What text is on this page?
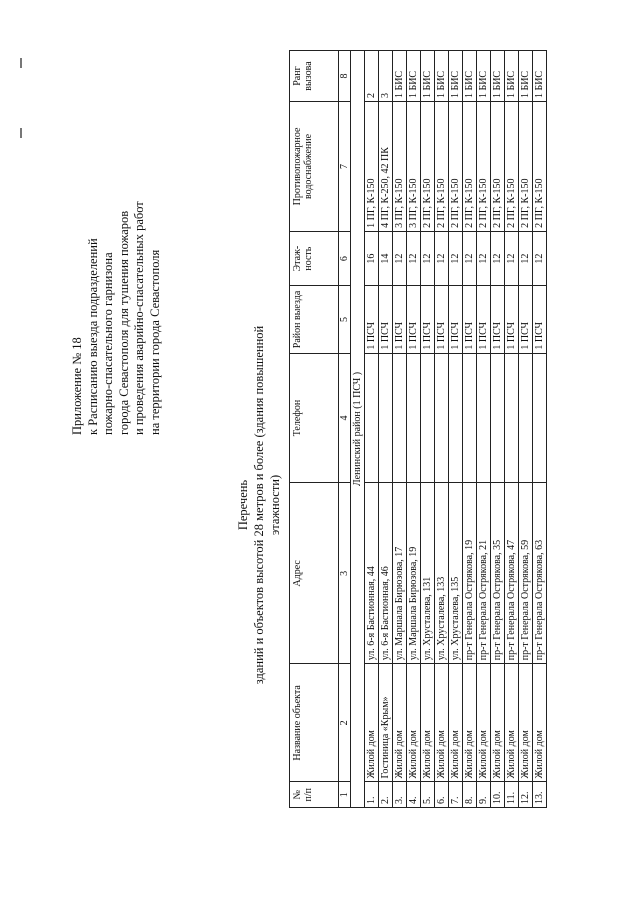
Приложение № 18 к Расписанию выезда подразделений пожарно-спасательного гарнизона города Севастополя для тушения пожаров и проведения аварийно-спасательных работ на территории города Севастополя
Перечень зданий и объектов высотой 28 метров и более (здания повышенной этажности)
№ п/п	Название объекта	Адрес	Телефон	Район выезда	Этаж-ность	Противопожарное водоснабжение	Ранг вызова
1	2	3	4	5	6	7	8
Ленинский район (1 ПСЧ )							
1.	Жилой дом	ул. 6-я Бастионная, 44		1 ПСЧ	16	1 ПГ, К-150	2
2.	Гостиница «Крым»	ул. 6-я Бастионная, 46		1 ПСЧ	14	4 ПГ, К-250, 42 ПК	3
3.	Жилой дом	ул. Маршала Бирюзова, 17		1 ПСЧ	12	3 ПГ, К-150	1 БИС
4.	Жилой дом	ул. Маршала Бирюзова, 19		1 ПСЧ	12	3 ПГ, К-150	1 БИС
5.	Жилой дом	ул. Хрусталева, 131		1 ПСЧ	12	2 ПГ, К-150	1 БИС
6.	Жилой дом	ул. Хрусталева, 133		1 ПСЧ	12	2 ПГ, К-150	1 БИС
7.	Жилой дом	ул. Хрусталева, 135		1 ПСЧ	12	2 ПГ, К-150	1 БИС
8.	Жилой дом	пр-т Генерала Острякова, 19		1 ПСЧ	12	2 ПГ, К-150	1 БИС
9.	Жилой дом	пр-т Генерала Острякова, 21		1 ПСЧ	12	2 ПГ, К-150	1 БИС
10.	Жилой дом	пр-т Генерала Острякова, 35		1 ПСЧ	12	2 ПГ, К-150	1 БИС
11.	Жилой дом	пр-т Генерала Острякова, 47		1 ПСЧ	12	2 ПГ, К-150	1 БИС
12.	Жилой дом	пр-т Генерала Острякова, 59		1 ПСЧ	12	2 ПГ, К-150	1 БИС
13.	Жилой дом	пр-т Генерала Острякова, 63		1 ПСЧ	12	2 ПГ, К-150	1 БИС
